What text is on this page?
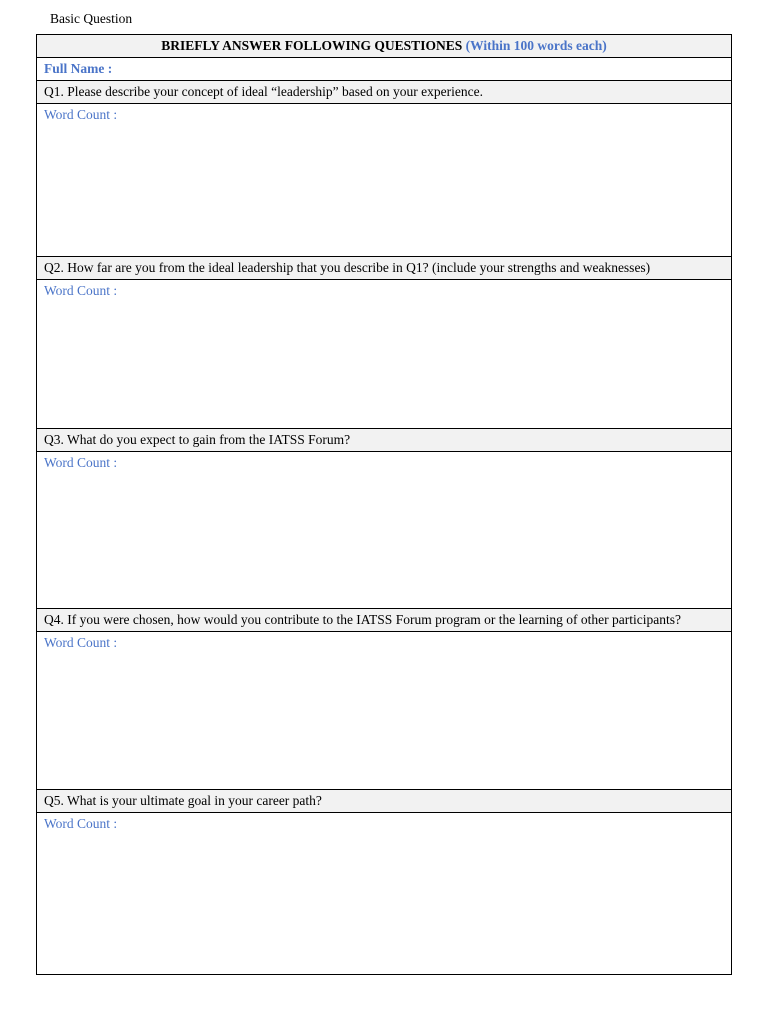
Basic Question
BRIEFLY ANSWER FOLLOWING QUESTIONES (Within 100 words each)
Full Name :
Q1. Please describe your concept of ideal “leadership” based on your experience.
Word Count :
Q2. How far are you from the ideal leadership that you describe in Q1? (include your strengths and weaknesses)
Word Count :
Q3. What do you expect to gain from the IATSS Forum?
Word Count :
Q4. If you were chosen, how would you contribute to the IATSS Forum program or the learning of other participants?
Word Count :
Q5. What is your ultimate goal in your career path?
Word Count :
